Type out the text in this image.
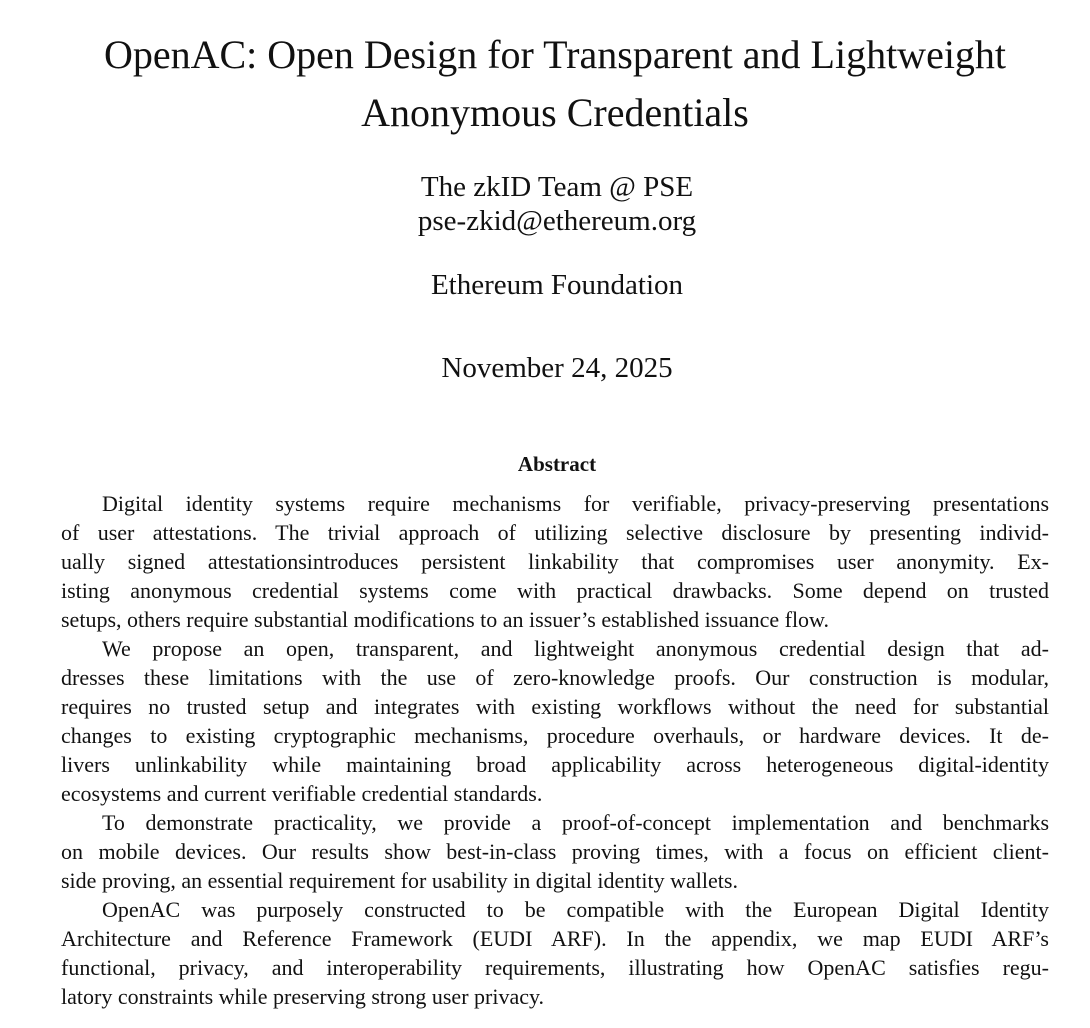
OpenAC: Open Design for Transparent and Lightweight
Anonymous Credentials
The zkID Team @ PSE
pse-zkid@ethereum.org
Ethereum Foundation
November 24, 2025
Abstract
Digital identity systems require mechanisms for verifiable, privacy-preserving presentations
of user attestations. The trivial approach of utilizing selective disclosure by presenting individ-
ually signed attestationsintroduces persistent linkability that compromises user anonymity. Ex-
isting anonymous credential systems come with practical drawbacks. Some depend on trusted
setups, others require substantial modifications to an issuer’s established issuance flow.
We propose an open, transparent, and lightweight anonymous credential design that ad-
dresses these limitations with the use of zero-knowledge proofs. Our construction is modular,
requires no trusted setup and integrates with existing workflows without the need for substantial
changes to existing cryptographic mechanisms, procedure overhauls, or hardware devices. It de-
livers unlinkability while maintaining broad applicability across heterogeneous digital-identity
ecosystems and current verifiable credential standards.
To demonstrate practicality, we provide a proof-of-concept implementation and benchmarks
on mobile devices. Our results show best-in-class proving times, with a focus on efficient client-
side proving, an essential requirement for usability in digital identity wallets.
OpenAC was purposely constructed to be compatible with the European Digital Identity
Architecture and Reference Framework (EUDI ARF). In the appendix, we map EUDI ARF’s
functional, privacy, and interoperability requirements, illustrating how OpenAC satisfies regu-
latory constraints while preserving strong user privacy.
